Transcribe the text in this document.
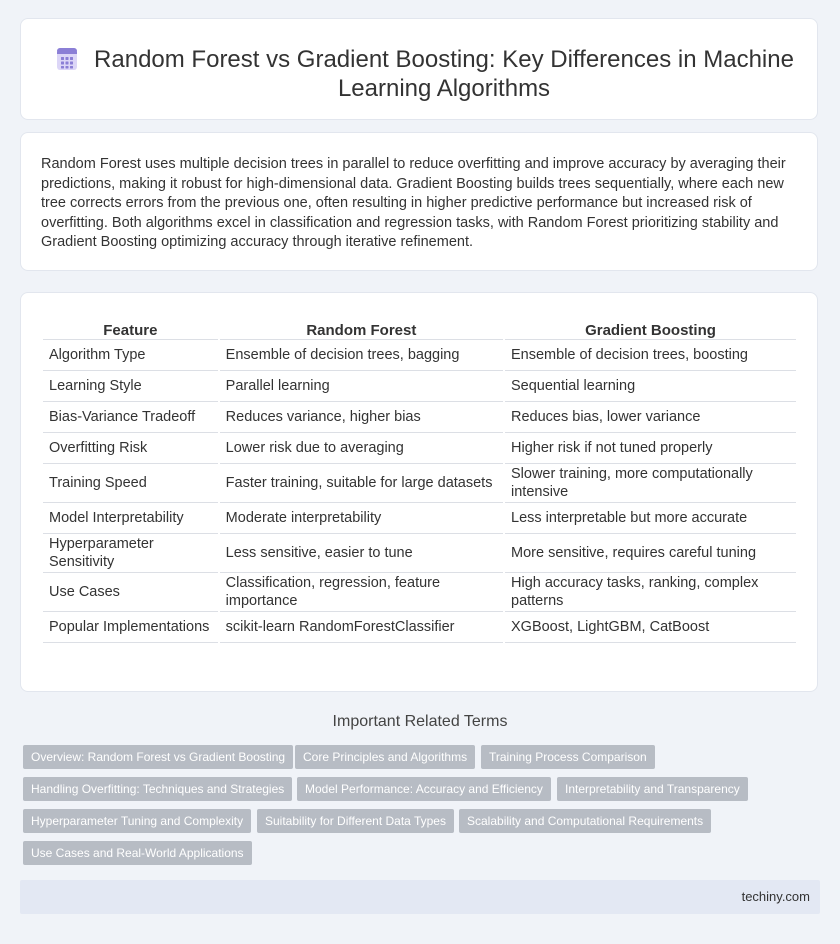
Random Forest vs Gradient Boosting: Key Differences in Machine Learning Algorithms

Random Forest uses multiple decision trees in parallel to reduce overfitting and improve accuracy by averaging their predictions, making it robust for high-dimensional data. Gradient Boosting builds trees sequentially, where each new tree corrects errors from the previous one, often resulting in higher predictive performance but increased risk of overfitting. Both algorithms excel in classification and regression tasks, with Random Forest prioritizing stability and Gradient Boosting optimizing accuracy through iterative refinement.

Feature	Random Forest	Gradient Boosting
Algorithm Type	Ensemble of decision trees, bagging	Ensemble of decision trees, boosting
Learning Style	Parallel learning	Sequential learning
Bias-Variance Tradeoff	Reduces variance, higher bias	Reduces bias, lower variance
Overfitting Risk	Lower risk due to averaging	Higher risk if not tuned properly
Training Speed	Faster training, suitable for large datasets	Slower training, more computationally intensive
Model Interpretability	Moderate interpretability	Less interpretable but more accurate
Hyperparameter Sensitivity	Less sensitive, easier to tune	More sensitive, requires careful tuning
Use Cases	Classification, regression, feature importance	High accuracy tasks, ranking, complex patterns
Popular Implementations	scikit-learn RandomForestClassifier	XGBoost, LightGBM, CatBoost
Important Related Terms
Overview: Random Forest vs Gradient Boosting	Core Principles and Algorithms	Training Process Comparison
Handling Overfitting: Techniques and Strategies	Model Performance: Accuracy and Efficiency	Interpretability and Transparency
Hyperparameter Tuning and Complexity	Suitability for Different Data Types	Scalability and Computational Requirements
Use Cases and Real-World Applications
techiny.com
